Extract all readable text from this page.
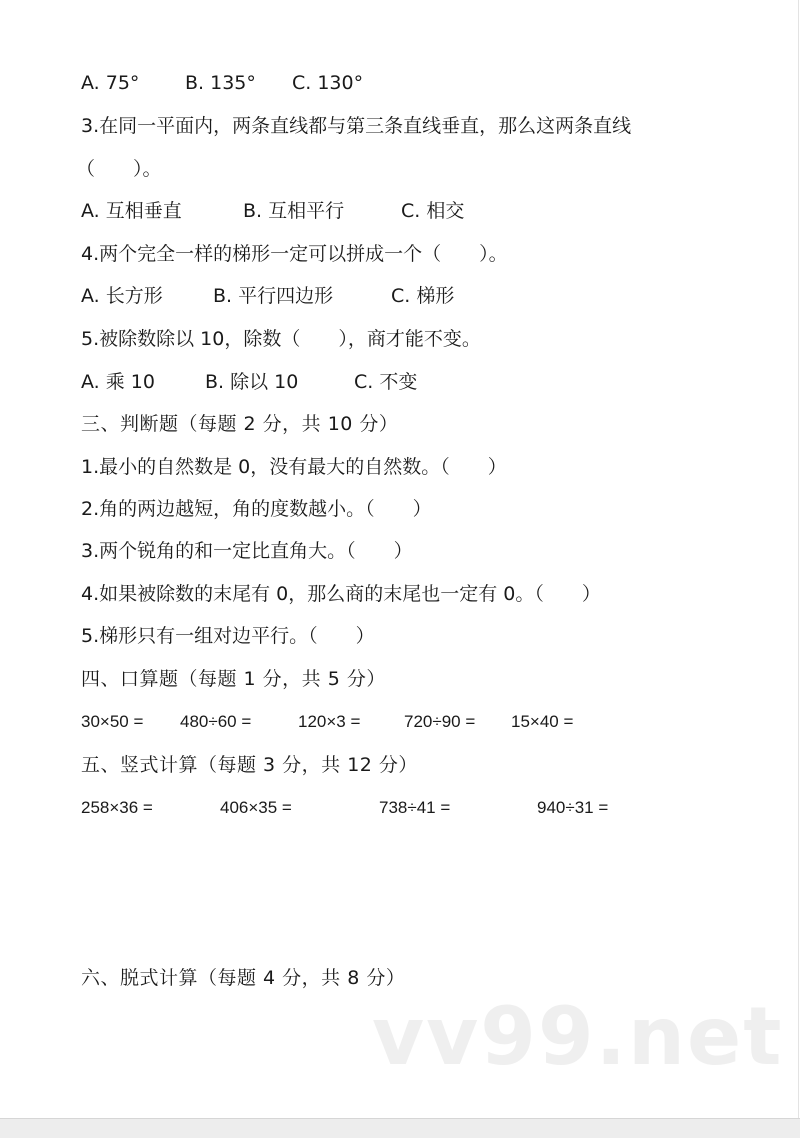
A. 75° B. 135° C. 130°
3.在同一平面内，两条直线都与第三条直线垂直，那么这两条直线
（　　）。
A. 互相垂直	B. 互相平行	C. 相交
4.两个完全一样的梯形一定可以拼成一个（　　）。
A. 长方形	B. 平行四边形	C. 梯形
5.被除数除以 10，除数（　　），商才能不变。
A. 乘 10	B. 除以 10	C. 不变
三、判断题（每题 2 分，共 10 分）
1.最小的自然数是 0，没有最大的自然数。（　　）
2.角的两边越短，角的度数越小。（　　）
3.两个锐角的和一定比直角大。（　　）
4.如果被除数的末尾有 0，那么商的末尾也一定有 0。（　　）
5.梯形只有一组对边平行。（　　）
四、口算题（每题 1 分，共 5 分）
30×50 = 480÷60 =	120×3 =	720÷90 = 15×40 =
五、竖式计算（每题 3 分，共 12 分）
258×36 =	406×35 =	738÷41 =	940÷31 =
六、脱式计算（每题 4 分，共 8 分）
vv99.net
